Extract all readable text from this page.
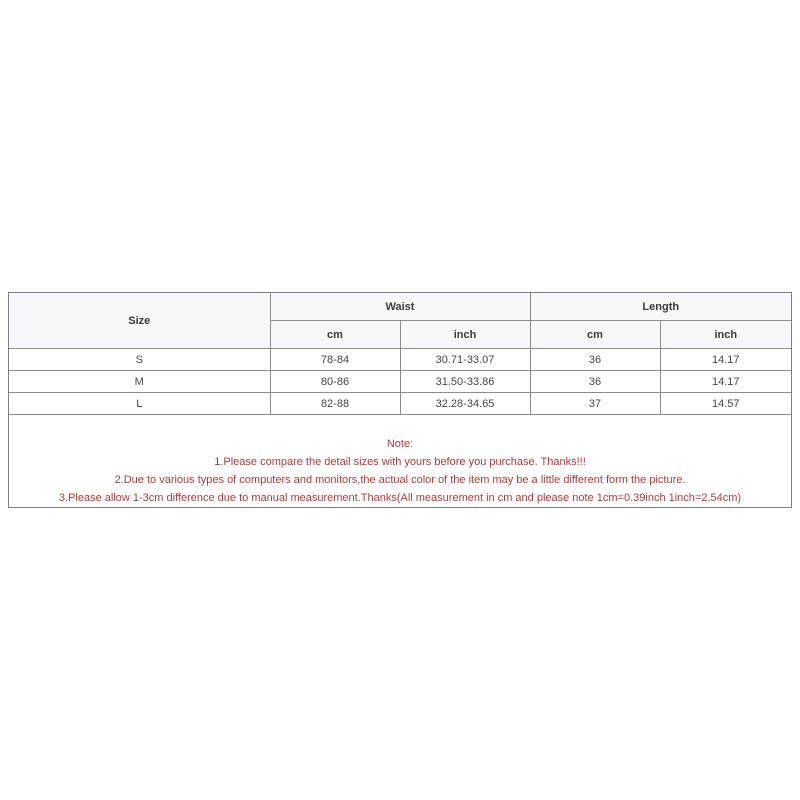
Size	Waist		Length	
	cm	inch	cm	inch
S	78-84	30.71-33.07	36	14.17
M	80-86	31.50-33.86	36	14.17
L	82-88	32.28-34.65	37	14.57
Note:
1.Please compare the detail sizes with yours before you purchase. Thanks!!!
2.Due to various types of computers and monitors,the actual color of the item may be a little different form the picture.
3.Please allow 1-3cm difference due to manual measurement.Thanks(All measurement in cm and please note 1cm=0.39inch 1inch=2.54cm)
